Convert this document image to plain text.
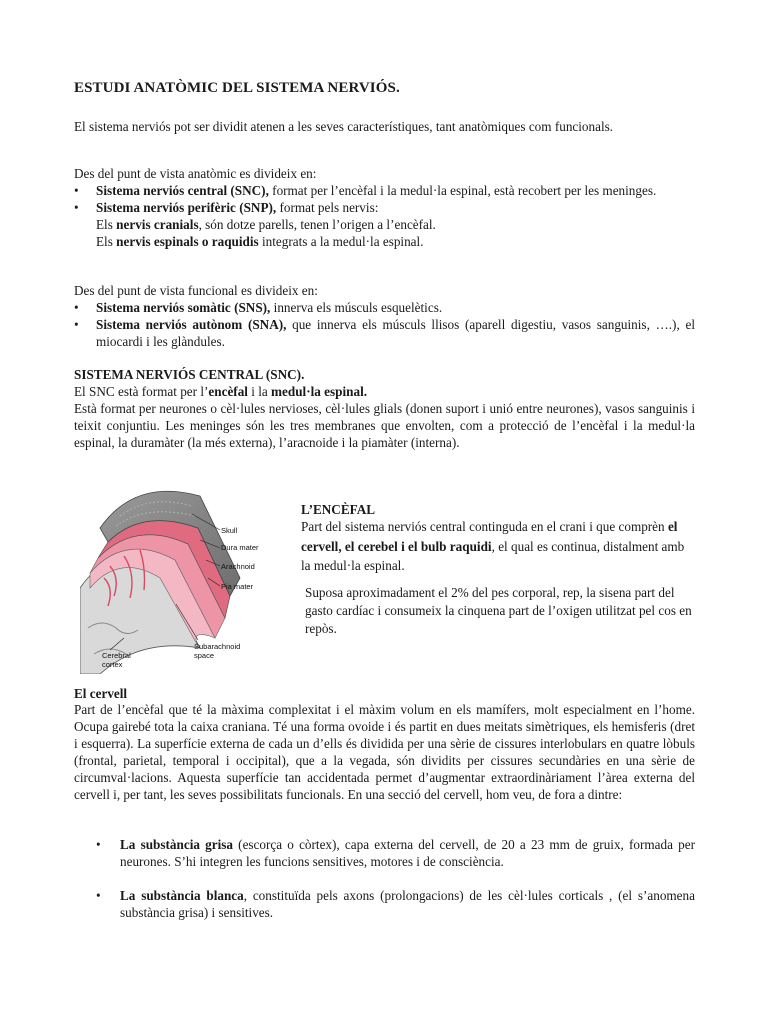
ESTUDI ANATÒMIC DEL SISTEMA NERVIÓS.
El sistema nerviós pot ser dividit atenen a les seves característiques, tant anatòmiques com funcionals.
Des del punt de vista anatòmic es divideix en:
• Sistema nerviós central (SNC), format per l’encèfal i la medul·la espinal, està recobert per les meninges.
• Sistema nerviós perifèric (SNP), format pels nervis:
Els nervis cranials, són dotze parells, tenen l’origen a l’encèfal.
Els nervis espinals o raquidis integrats a la medul·la espinal.
Des del punt de vista funcional es divideix en:
• Sistema nerviós somàtic (SNS), innerva els músculs esquelètics.
• Sistema nerviós autònom (SNA), que innerva els músculs llisos (aparell digestiu, vasos sanguinis, ….), el miocardi i les glàndules.
SISTEMA NERVIÓS CENTRAL (SNC).
El SNC està format per l’encèfal i la medul·la espinal.
Està format per neurones o cèl·lules nervioses, cèl·lules glials (donen suport i unió entre neurones), vasos sanguinis i teixit conjuntiu. Les meninges són les tres membranes que envolten, com a protecció de l’encèfal i la medul·la espinal, la duramàter (la més externa), l’aracnoide i la piamàter (interna).
Skull
Dura mater
Arachnoid
Pia mater
Subarachnoid
space
Cerebral
cortex
L’ENCÈFAL
Part del sistema nerviós central continguda en el crani i que comprèn el cervell, el cerebel i el bulb raquidi, el qual es continua, distalment amb la medul·la espinal.
Suposa aproximadament el 2% del pes corporal, rep, la sisena part del gasto cardíac i consumeix la cinquena part de l’oxigen utilitzat pel cos en repòs.
El cervell
Part de l’encèfal que té la màxima complexitat i el màxim volum en els mamífers, molt especialment en l’home. Ocupa gairebé tota la caixa craniana. Té una forma ovoide i és partit en dues meitats simètriques, els hemisferis (dret i esquerra). La superfície externa de cada un d’ells és dividida per una sèrie de cissures interlobulars en quatre lòbuls (frontal, parietal, temporal i occipital), que a la vegada, són dividits per cissures secundàries en una sèrie de circumval·lacions. Aquesta superfície tan accidentada permet d’augmentar extraordinàriament l’àrea externa del cervell i, per tant, les seves possibilitats funcionals. En una secció del cervell, hom veu, de fora a dintre:
• La substància grisa (escorça o còrtex), capa externa del cervell, de 20 a 23 mm de gruix, formada per neurones. S’hi integren les funcions sensitives, motores i de consciència.
• La substància blanca, constituïda pels axons (prolongacions) de les cèl·lules corticals , (el s’anomena substància grisa) i sensitives.
